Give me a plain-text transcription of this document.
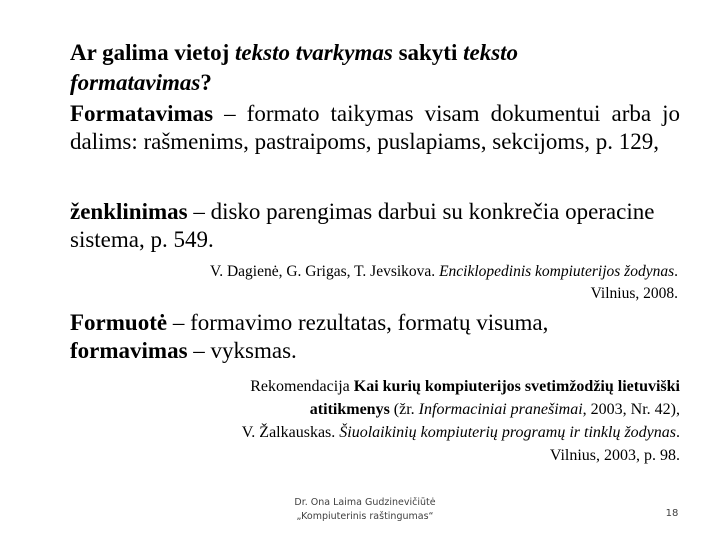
Ar galima vietoj teksto tvarkymas sakyti teksto
formatavimas?
Formatavimas – formato taikymas visam dokumentui arba jo dalims: rašmenims, pastraipoms, puslapiams, sekcijoms, p. 129,
ženklinimas – disko parengimas darbui su konkrečia operacine sistema, p. 549.
V. Dagienė, G. Grigas, T. Jevsikova. Enciklopedinis kompiuterijos žodynas.
Vilnius, 2008.
Formuotė – formavimo rezultatas, formatų visuma,
formavimas – vyksmas.
Rekomendacija Kai kurių kompiuterijos svetimžodžių lietuviški
atitikmenys (žr. Informaciniai pranešimai, 2003, Nr. 42),
V. Žalkauskas. Šiuolaikinių kompiuterių programų ir tinklų žodynas.
Vilnius, 2003, p. 98.
Dr. Ona Laima Gudzinevičiūtė
„Kompiuterinis raštingumas“	18
